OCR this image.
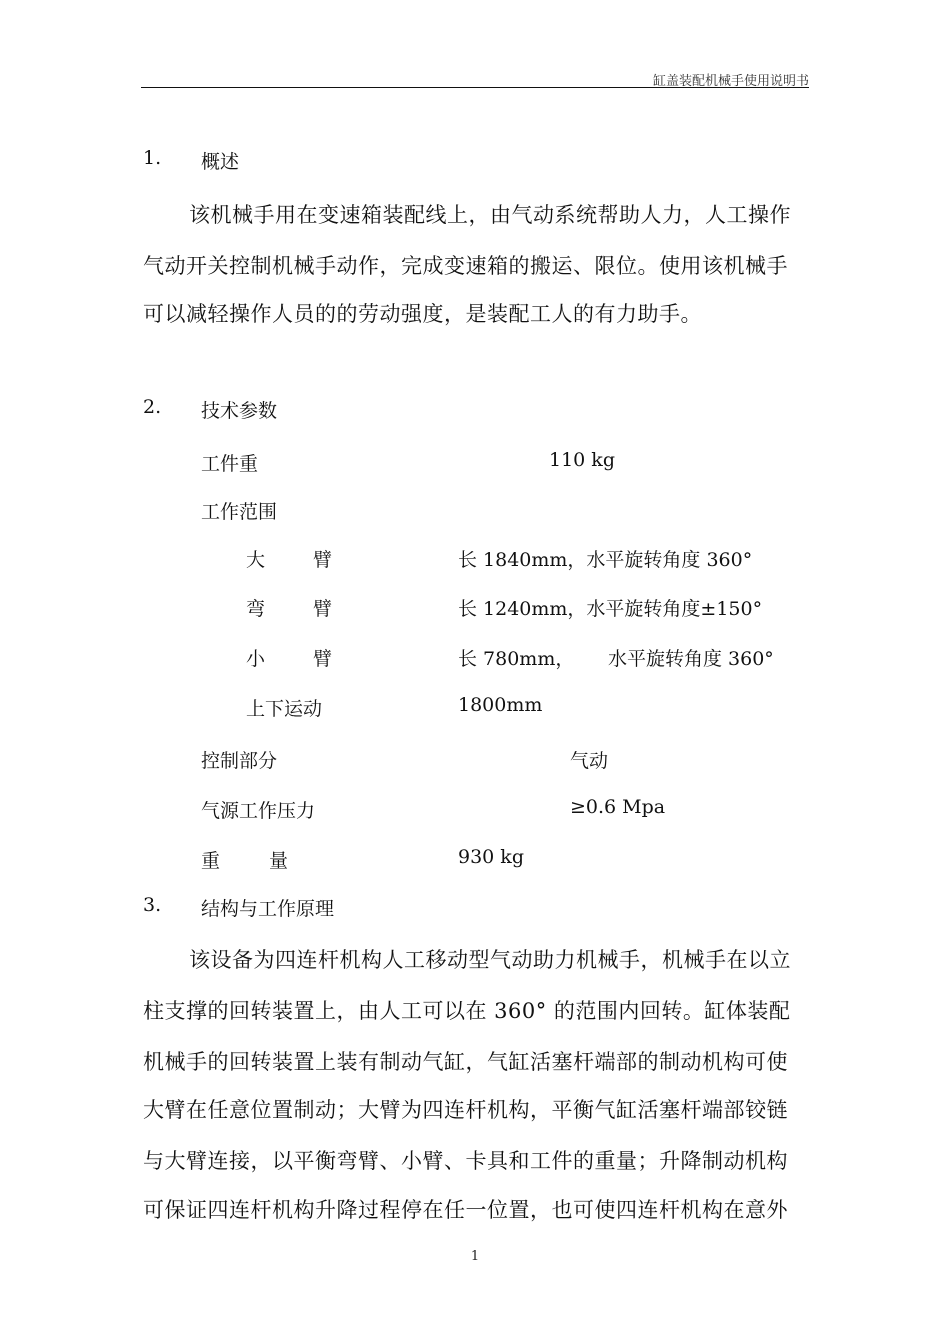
缸盖装配机械手使用说明书
1. 概述
该机械手用在变速箱装配线上，由气动系统帮助人力，人工操作
气动开关控制机械手动作，完成变速箱的搬运、限位。使用该机械手
可以减轻操作人员的的劳动强度，是装配工人的有力助手。
2. 技术参数
工件重	110 kg
工作范围
大	臂	长 1840mm，水平旋转角度 360°
弯	臂	长 1240mm，水平旋转角度±150°
小	臂	长 780mm， 水平旋转角度 360°
上下运动	1800mm
控制部分	气动
气源工作压力	≥0.6 Mpa
重	量	930 kg
3. 结构与工作原理
该设备为四连杆机构人工移动型气动助力机械手，机械手在以立
柱支撑的回转装置上，由人工可以在 360° 的范围内回转。缸体装配
机械手的回转装置上装有制动气缸，气缸活塞杆端部的制动机构可使
大臂在任意位置制动；大臂为四连杆机构，平衡气缸活塞杆端部铰链
与大臂连接，以平衡弯臂、小臂、卡具和工件的重量；升降制动机构
可保证四连杆机构升降过程停在任一位置，也可使四连杆机构在意外
1
